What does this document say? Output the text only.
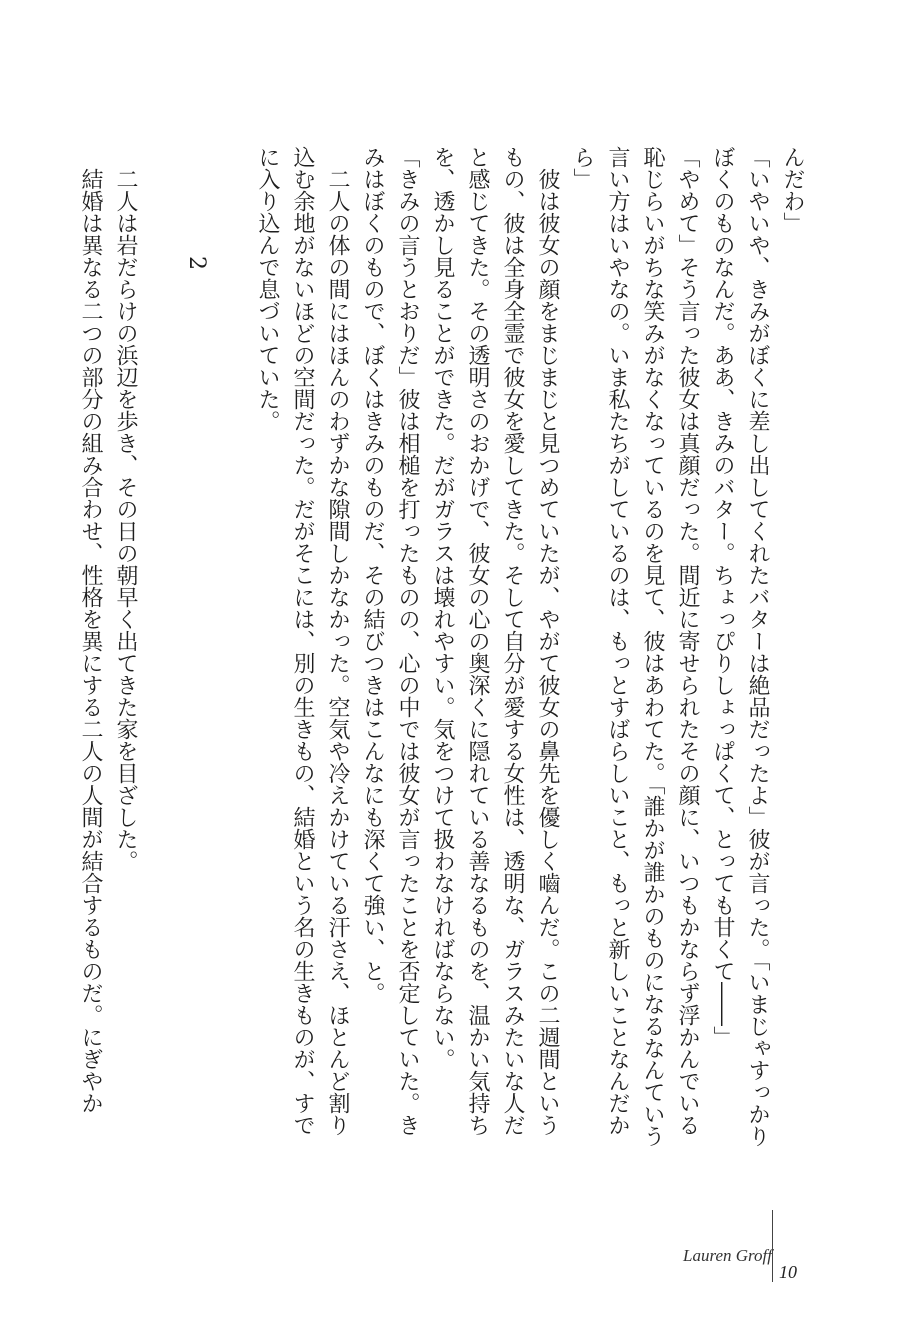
んだわ」

「いやいや、きみがぼくに差し出してくれたバターは絶品だったよ」彼が言った。「いまじゃすっかりぼくのものなんだ。ああ、きみのバター。ちょっぴりしょっぱくて、とっても甘くて――」

「やめて」そう言った彼女は真顔だった。間近に寄せられたその顔に、いつもかならず浮かんでいる恥じらいがちな笑みがなくなっているのを見て、彼はあわてた。「誰かが誰かのものになるなんていう言い方はいやなの。いま私たちがしているのは、もっとすばらしいこと、もっと新しいことなんだから」

彼は彼女の顔をまじまじと見つめていたが、やがて彼女の鼻先を優しく嚙んだ。この二週間というもの、彼は全身全霊で彼女を愛してきた。そして自分が愛する女性は、透明な、ガラスみたいな人だと感じてきた。その透明さのおかげで、彼女の心の奥深くに隠れている善なるものを、温かい気持ちを、透かし見ることができた。だがガラスは壊れやすい。気をつけて扱わなければならない。

「きみの言うとおりだ」彼は相槌を打ったものの、心の中では彼女が言ったことを否定していた。きみはぼくのもので、ぼくはきみのものだ、その結びつきはこんなにも深くて強い、と。

二人の体の間にはほんのわずかな隙間しかなかった。空気や冷えかけている汗さえ、ほとんど割り込む余地がないほどの空間だった。だがそこには、別の生きもの、結婚という名の生きものが、すでに入り込んで息づいていた。

2

二人は岩だらけの浜辺を歩き、その日の朝早く出てきた家を目ざした。

結婚は異なる二つの部分の組み合わせ、性格を異にする二人の人間が結合するものだ。にぎやか

Lauren Groff
10
